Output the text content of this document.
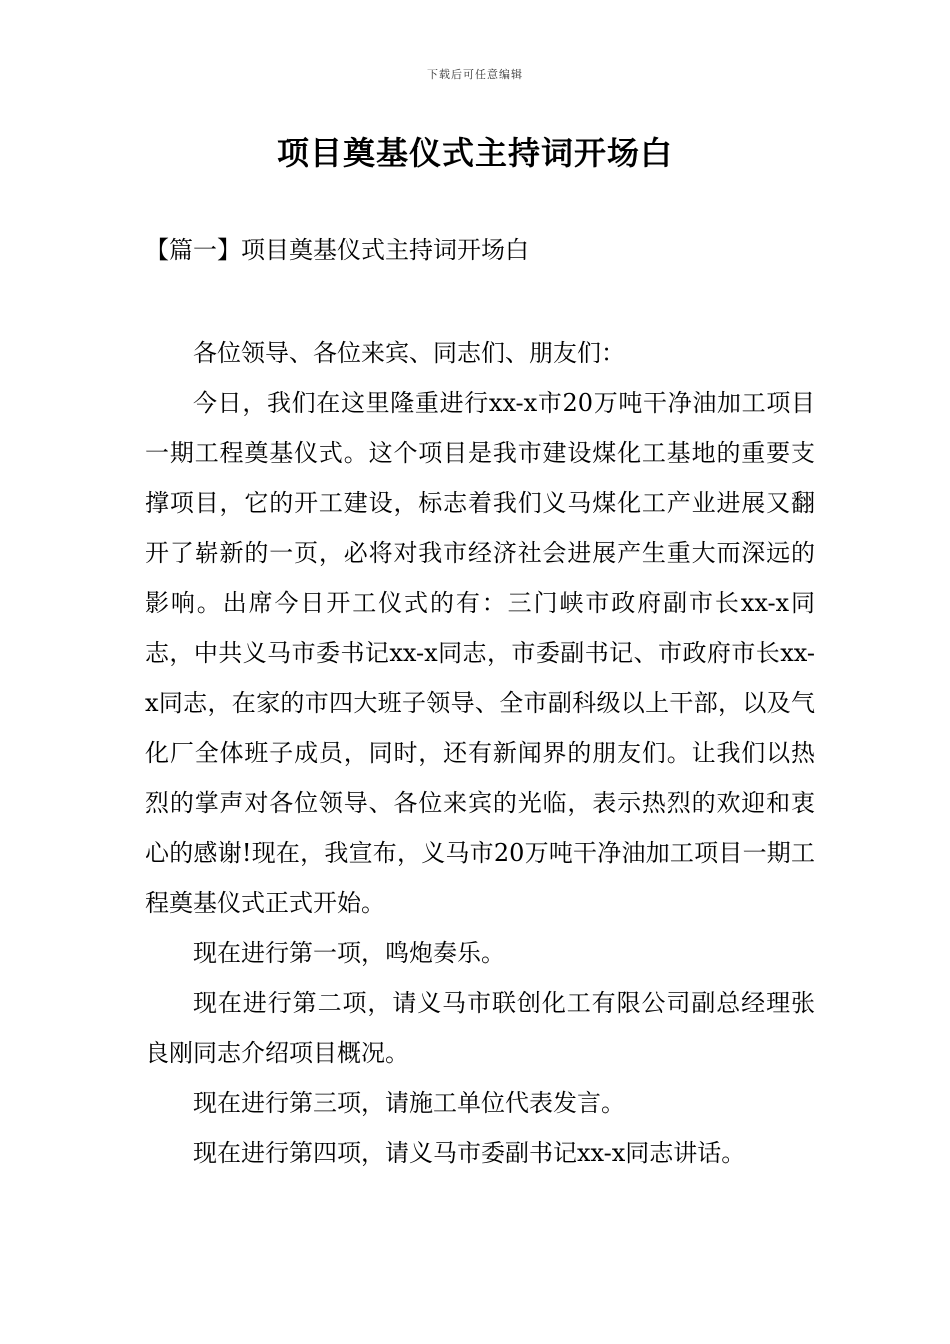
下载后可任意编辑
项目奠基仪式主持词开场白
【篇一】项目奠基仪式主持词开场白

各位领导、各位来宾、同志们、朋友们：

今日，我们在这里隆重进行xx-x市20万吨干净油加工项目一期工程奠基仪式。这个项目是我市建设煤化工基地的重要支撑项目，它的开工建设，标志着我们义马煤化工产业进展又翻开了崭新的一页，必将对我市经济社会进展产生重大而深远的影响。出席今日开工仪式的有：三门峡市政府副市长xx-x同志，中共义马市委书记xx-x同志，市委副书记、市政府市长xx-x同志，在家的市四大班子领导、全市副科级以上干部，以及气化厂全体班子成员，同时，还有新闻界的朋友们。让我们以热烈的掌声对各位领导、各位来宾的光临，表示热烈的欢迎和衷心的感谢!现在，我宣布，义马市20万吨干净油加工项目一期工程奠基仪式正式开始。

现在进行第一项，鸣炮奏乐。

现在进行第二项，请义马市联创化工有限公司副总经理张良刚同志介绍项目概况。

现在进行第三项，请施工单位代表发言。

现在进行第四项，请义马市委副书记xx-x同志讲话。
